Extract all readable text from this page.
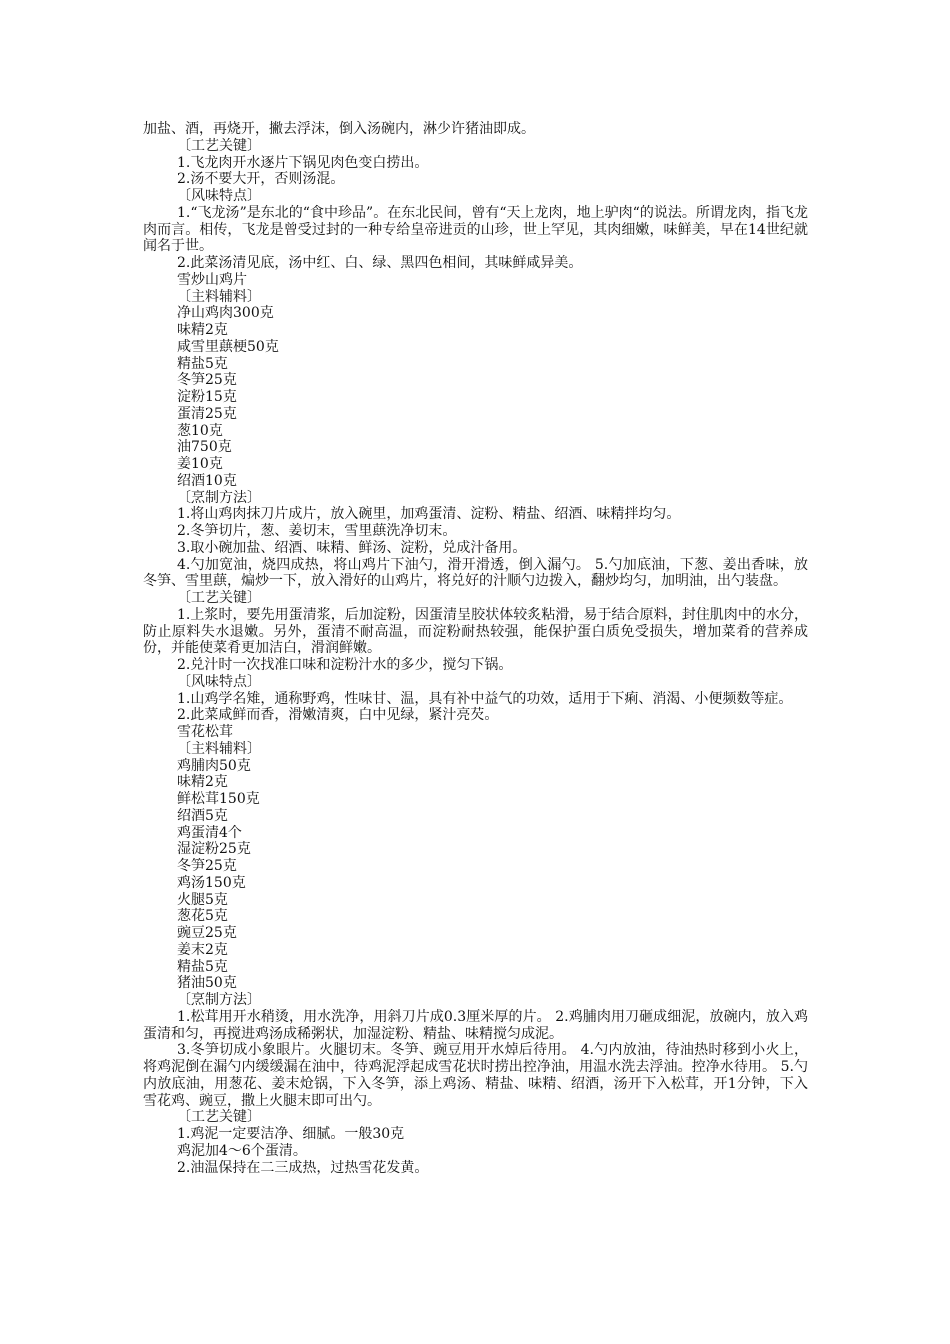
加盐、酒，再烧开，撇去浮沫，倒入汤碗内，淋少许猪油即成。
〔工艺关键〕
1.飞龙肉开水逐片下锅见肉色变白捞出。
2.汤不要大开，否则汤混。
〔风味特点〕
1.“飞龙汤”是东北的“食中珍品”。在东北民间，曾有“天上龙肉，地上驴肉“的说法。所谓龙肉，指飞龙肉而言。相传，飞龙是曾受过封的一种专给皇帝进贡的山珍，世上罕见，其肉细嫩，味鲜美，早在14世纪就闻名于世。
2.此菜汤清见底，汤中红、白、绿、黑四色相间，其味鲜咸异美。
雪炒山鸡片
〔主料辅料〕
净山鸡肉300克
味精2克
咸雪里蕻梗50克
精盐5克
冬笋25克
淀粉15克
蛋清25克
葱10克
油750克
姜10克
绍酒10克
〔烹制方法〕
1.将山鸡肉抹刀片成片，放入碗里，加鸡蛋清、淀粉、精盐、绍酒、味精拌均匀。
2.冬笋切片，葱、姜切末，雪里蕻洗净切末。
3.取小碗加盐、绍酒、味精、鲜汤、淀粉，兑成汁备用。
4.勺加宽油，烧四成热，将山鸡片下油勺，滑开滑透，倒入漏勺。 5.勺加底油，下葱、姜出香味，放冬笋、雪里蕻，煸炒一下，放入滑好的山鸡片，将兑好的汁顺勺边拨入，翻炒均匀，加明油，出勺装盘。
〔工艺关键〕
1.上浆时，要先用蛋清浆，后加淀粉，因蛋清呈胶状体较炙粘滑，易于结合原料，封住肌肉中的水分，防止原料失水退嫩。另外，蛋清不耐高温，而淀粉耐热较强，能保护蛋白质免受损失，增加菜肴的营养成份，并能使菜肴更加洁白，滑润鲜嫩。
2.兑汁时一次找准口味和淀粉汁水的多少，搅匀下锅。
〔风味特点〕
1.山鸡学名雉，通称野鸡，性味甘、温，具有补中益气的功效，适用于下痢、消渴、小便频数等症。
2.此菜咸鲜而香，滑嫩清爽，白中见绿，紧汁亮芡。
雪花松茸
〔主料辅料〕
鸡脯肉50克
味精2克
鲜松茸150克
绍酒5克
鸡蛋清4个
湿淀粉25克
冬笋25克
鸡汤150克
火腿5克
葱花5克
豌豆25克
姜末2克
精盐5克
猪油50克
〔烹制方法〕
1.松茸用开水稍烫，用水洗净，用斜刀片成0.3厘米厚的片。 2.鸡脯肉用刀砸成细泥，放碗内，放入鸡蛋清和匀，再搅进鸡汤成稀粥状，加湿淀粉、精盐、味精搅匀成泥。
3.冬笋切成小象眼片。火腿切末。冬笋、豌豆用开水焯后待用。 4.勺内放油，待油热时移到小火上，将鸡泥倒在漏勺内缓缓漏在油中，待鸡泥浮起成雪花状时捞出控净油，用温水洗去浮油。控净水待用。 5.勺内放底油，用葱花、姜末炝锅，下入冬笋，添上鸡汤、精盐、味精、绍酒，汤开下入松茸，开1分钟，下入雪花鸡、豌豆，撒上火腿末即可出勺。
〔工艺关键〕
1.鸡泥一定要洁净、细腻。一般30克
鸡泥加4～6个蛋清。
2.油温保持在二三成热，过热雪花发黄。
